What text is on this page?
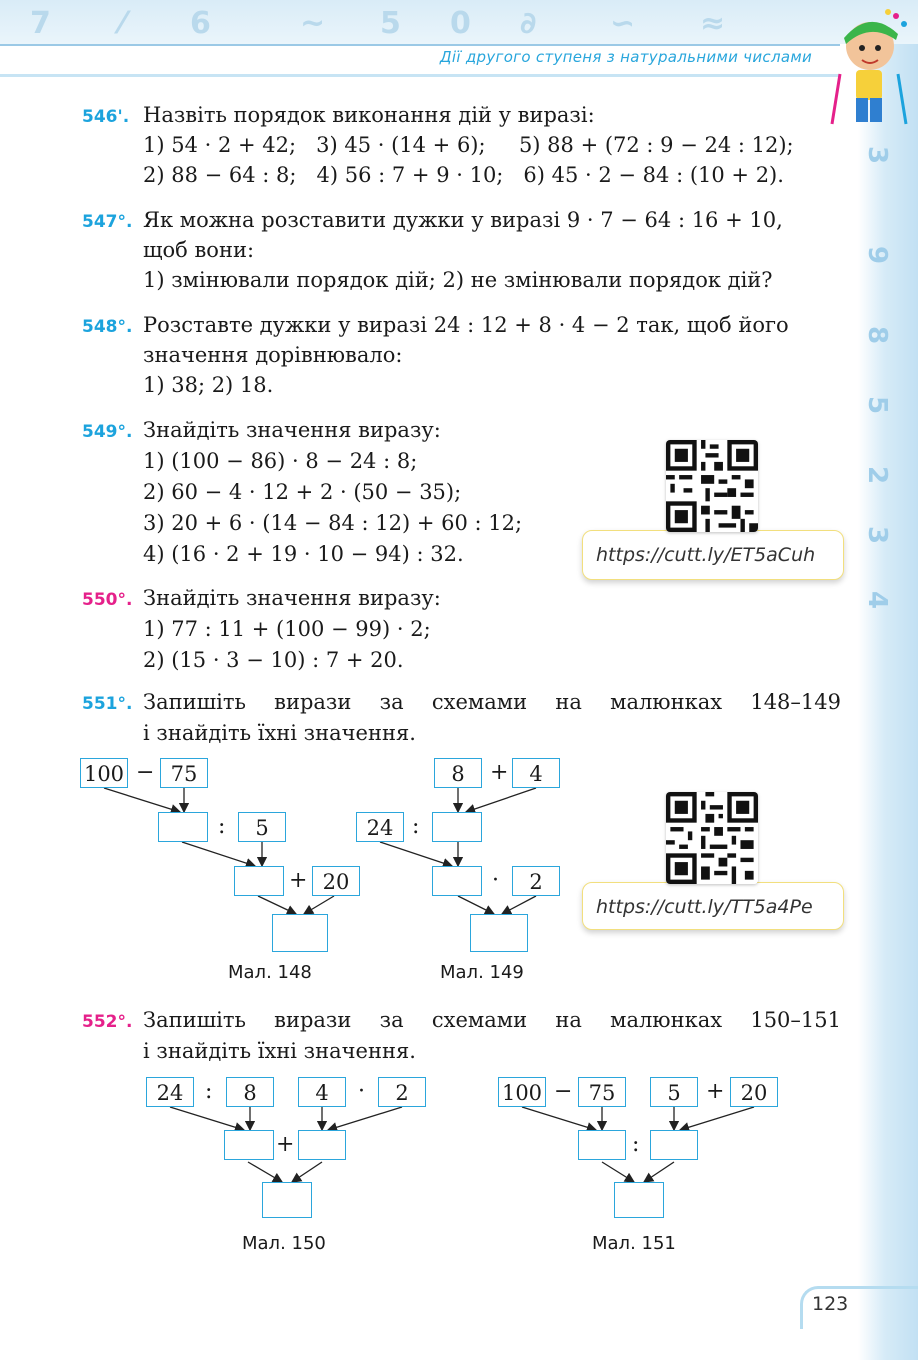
7 ⁄ 6	~ 5 0 ∂ ∽ ≈
Дії другого ступеня з натуральними числами
3
9
8
5
2
3
4
546'. Назвіть порядок виконання дій у виразі:
1) 54 · 2 + 42;   3) 45 · (14 + 6);     5) 88 + (72 : 9 − 24 : 12);
2) 88 − 64 : 8;   4) 56 : 7 + 9 · 10;   6) 45 · 2 − 84 : (10 + 2).
547°. Як можна розставити дужки у виразі 9 · 7 − 64 : 16 + 10,
щоб вони:
1) змінювали порядок дій; 2) не змінювали порядок дій?
548°. Розставте дужки у виразі 24 : 12 + 8 · 4 − 2 так, щоб його
значення дорівнювало:
1) 38; 2) 18.
549°. Знайдіть значення виразу:
1) (100 − 86) · 8 − 24 : 8;
2) 60 − 4 · 12 + 2 · (50 − 35);
3) 20 + 6 · (14 − 84 : 12) + 60 : 12;
4) (16 · 2 + 19 · 10 − 94) : 32.	https://cutt.ly/ET5aCuh
550°. Знайдіть значення виразу:
1) 77 : 11 + (100 − 99) · 2;
2) (15 · 3 − 10) : 7 + 20.
551°. Запишіть вирази за схемами на малюнках 148–149
і знайдіть їхні значення.
100 − 75
:	5
+ 20
Мал. 148
8	+ 4
24 :
·	2
Мал. 149
https://cutt.ly/TT5a4Pe
552°. Запишіть вирази за схемами на малюнках 150–151
і знайдіть їхні значення.
24 :	8	4	·	2
+
Мал. 150
100 − 75	5	+ 20
:
Мал. 151
123
